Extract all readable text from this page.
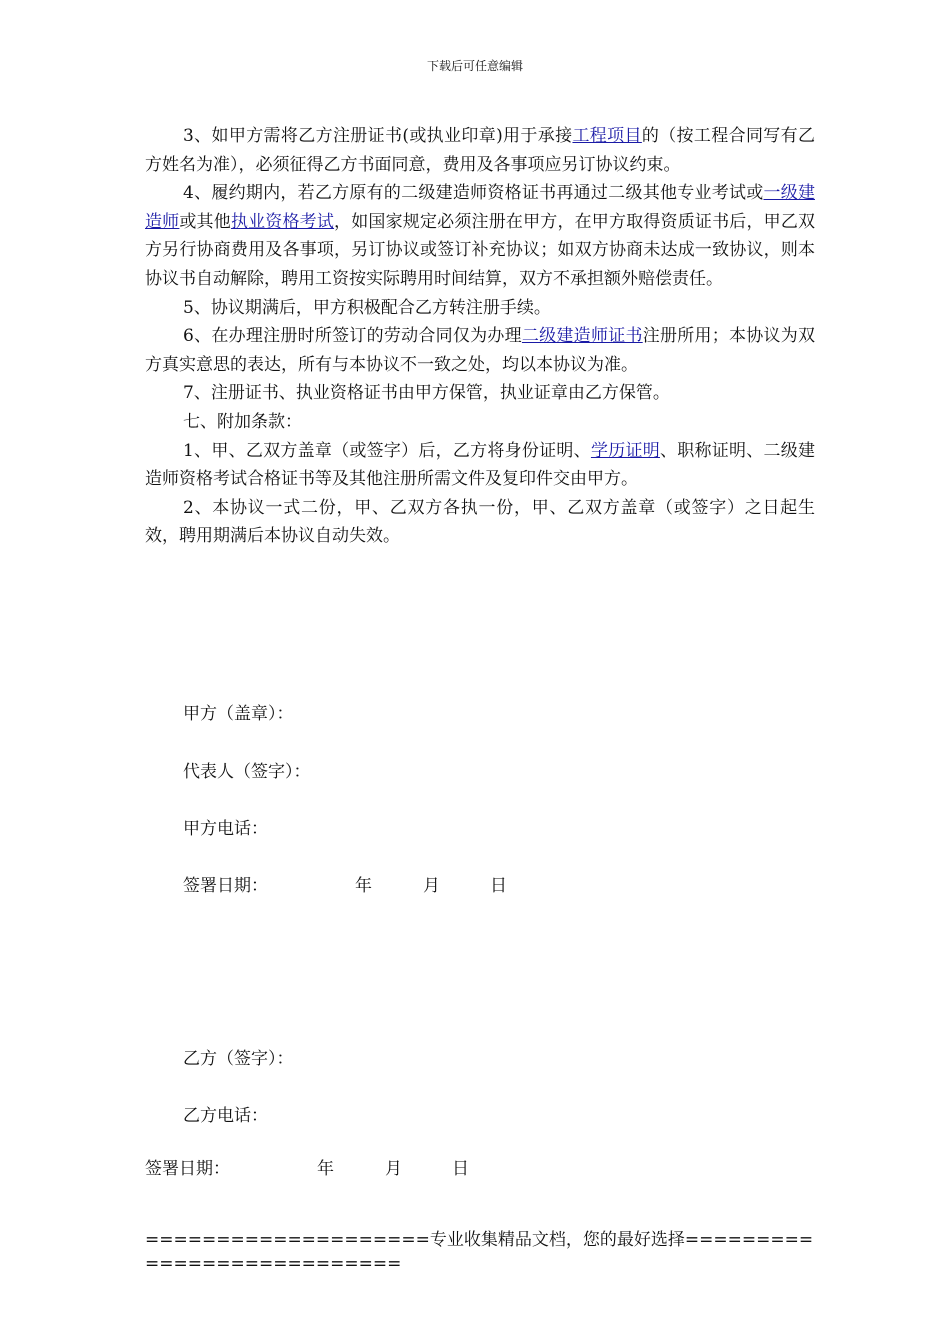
下载后可任意编辑

3、如甲方需将乙方注册证书(或执业印章)用于承接工程项目的（按工程合同写有乙方姓名为准），必须征得乙方书面同意，费用及各事项应另订协议约束。

4、履约期内，若乙方原有的二级建造师资格证书再通过二级其他专业考试或一级建造师或其他执业资格考试，如国家规定必须注册在甲方，在甲方取得资质证书后，甲乙双方另行协商费用及各事项，另订协议或签订补充协议；如双方协商未达成一致协议，则本协议书自动解除，聘用工资按实际聘用时间结算，双方不承担额外赔偿责任。

5、协议期满后，甲方积极配合乙方转注册手续。

6、在办理注册时所签订的劳动合同仅为办理二级建造师证书注册所用；本协议为双方真实意思的表达，所有与本协议不一致之处，均以本协议为准。

7、注册证书、执业资格证书由甲方保管，执业证章由乙方保管。

七、附加条款：

1、甲、乙双方盖章（或签字）后，乙方将身份证明、学历证明、职称证明、二级建造师资格考试合格证书等及其他注册所需文件及复印件交由甲方。

2、本协议一式二份，甲、乙双方各执一份，甲、乙双方盖章（或签字）之日起生效，聘用期满后本协议自动失效。

甲方（盖章）：
代表人（签字）：
甲方电话：
签署日期：	年	月	日
乙方（签字）：
乙方电话：
签署日期：	年	月	日
====================专业收集精品文档，您的最好选择=====================​======
